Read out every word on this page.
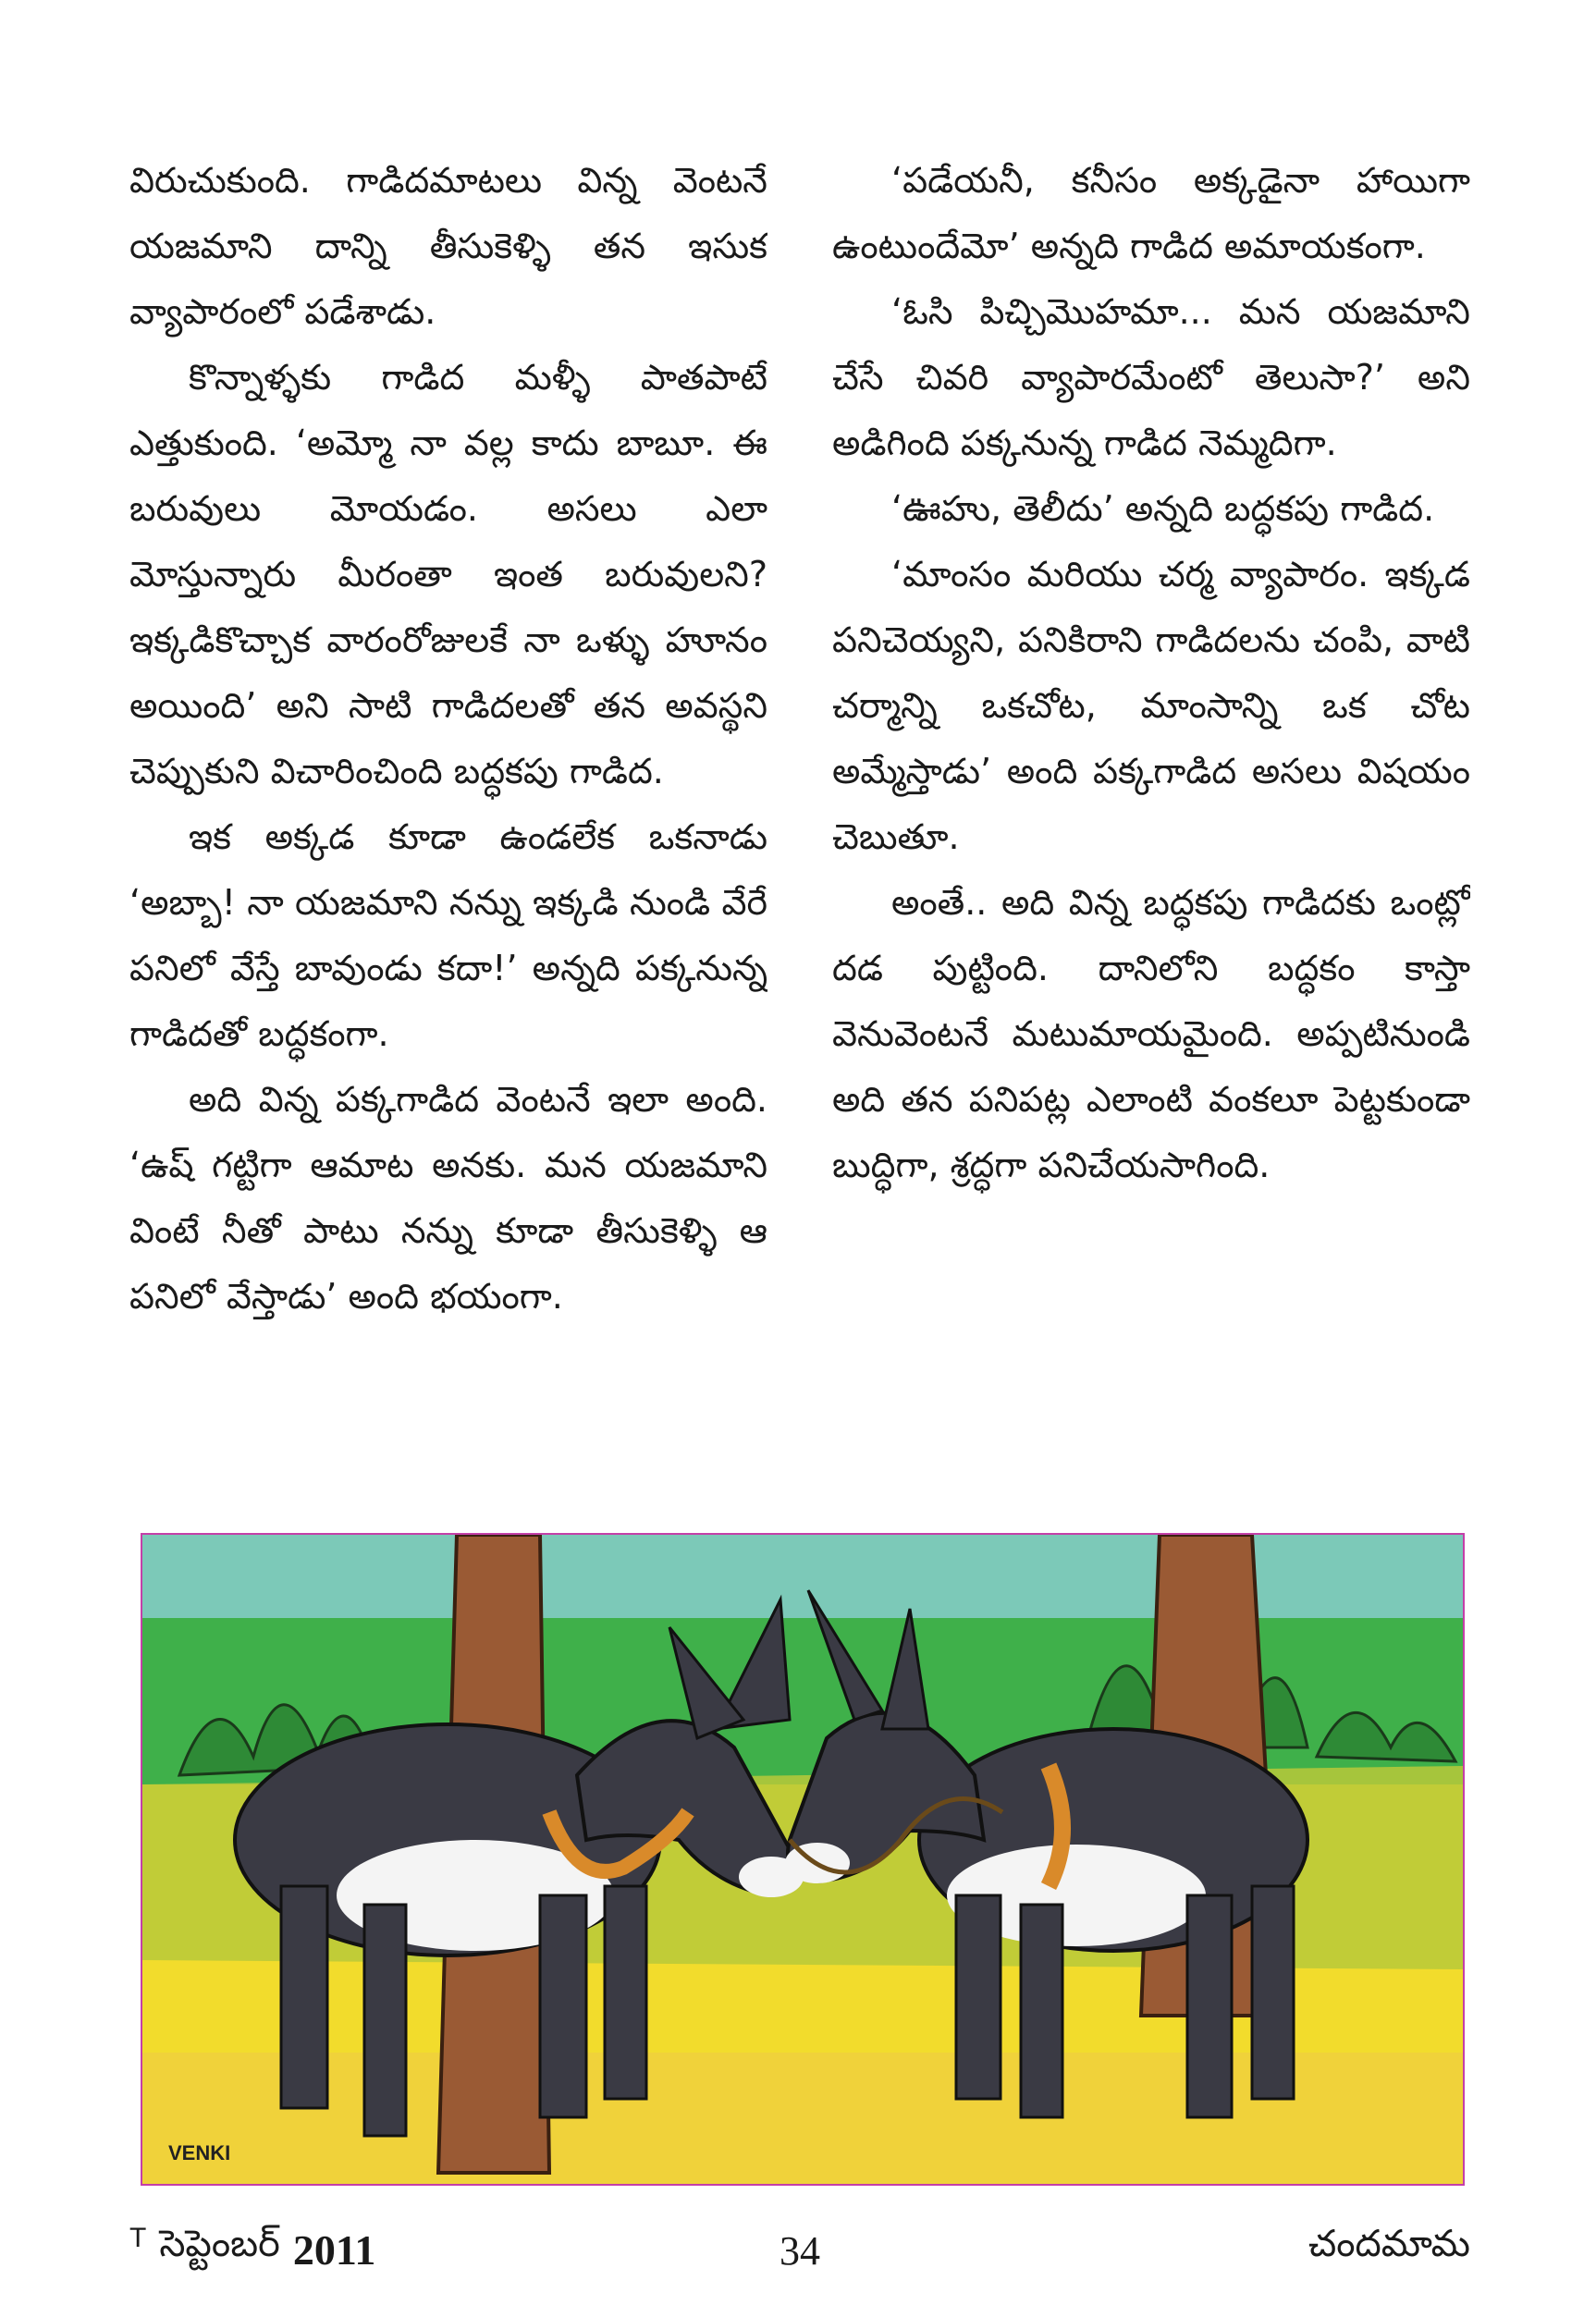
విరుచుకుంది. గాడిదమాటలు విన్న వెంటనే యజమాని దాన్ని తీసుకెళ్ళి తన ఇసుక వ్యాపారంలో పడేశాడు.

కొన్నాళ్ళకు గాడిద మళ్ళీ పాతపాటే ఎత్తుకుంది. ‘అమ్మో నా వల్ల కాదు బాబూ. ఈ బరువులు మోయడం. అసలు ఎలా మోస్తున్నారు మీరంతా ఇంత బరువులని? ఇక్కడికొచ్చాక వారంరోజులకే నా ఒళ్ళు హూనం అయింది’ అని సాటి గాడిదలతో తన అవస్థని చెప్పుకుని విచారించింది బద్ధకపు గాడిద.

ఇక అక్కడ కూడా ఉండలేక ఒకనాడు ‘అబ్బా! నా యజమాని నన్ను ఇక్కడి నుండి వేరే పనిలో వేస్తే బావుండు కదా!’ అన్నది పక్కనున్న గాడిదతో బద్ధకంగా.

అది విన్న పక్కగాడిద వెంటనే ఇలా అంది. ‘ఉష్ గట్టిగా ఆమాట అనకు. మన యజమాని వింటే నీతో పాటు నన్ను కూడా తీసుకెళ్ళి ఆ పనిలో వేస్తాడు’ అంది భయంగా.

‘పడేయనీ, కనీసం అక్కడైనా హాయిగా ఉంటుందేమో’ అన్నది గాడిద అమాయకంగా.

‘ఓసి పిచ్చిమొహమా... మన యజమాని చేసే చివరి వ్యాపారమేంటో తెలుసా?’ అని అడిగింది పక్కనున్న గాడిద నెమ్మదిగా.

‘ఊహు, తెలీదు’ అన్నది బద్ధకపు గాడిద.

‘మాంసం మరియు చర్మ వ్యాపారం. ఇక్కడ పనిచెయ్యని, పనికిరాని గాడిదలను చంపి, వాటి చర్మాన్ని ఒకచోట, మాంసాన్ని ఒక చోట అమ్మేస్తాడు’ అంది పక్కగాడిద అసలు విషయం చెబుతూ.

అంతే.. అది విన్న బద్ధకపు గాడిదకు ఒంట్లో దడ పుట్టింది. దానిలోని బద్ధకం కాస్తా వెనువెంటనే మటుమాయమైంది. అప్పటినుండి అది తన పనిపట్ల ఎలాంటి వంకలూ పెట్టకుండా బుద్ధిగా, శ్రద్ధగా పనిచేయసాగింది.

VENKI
T సెప్టెంబర్ 2011	34	చందమామ
